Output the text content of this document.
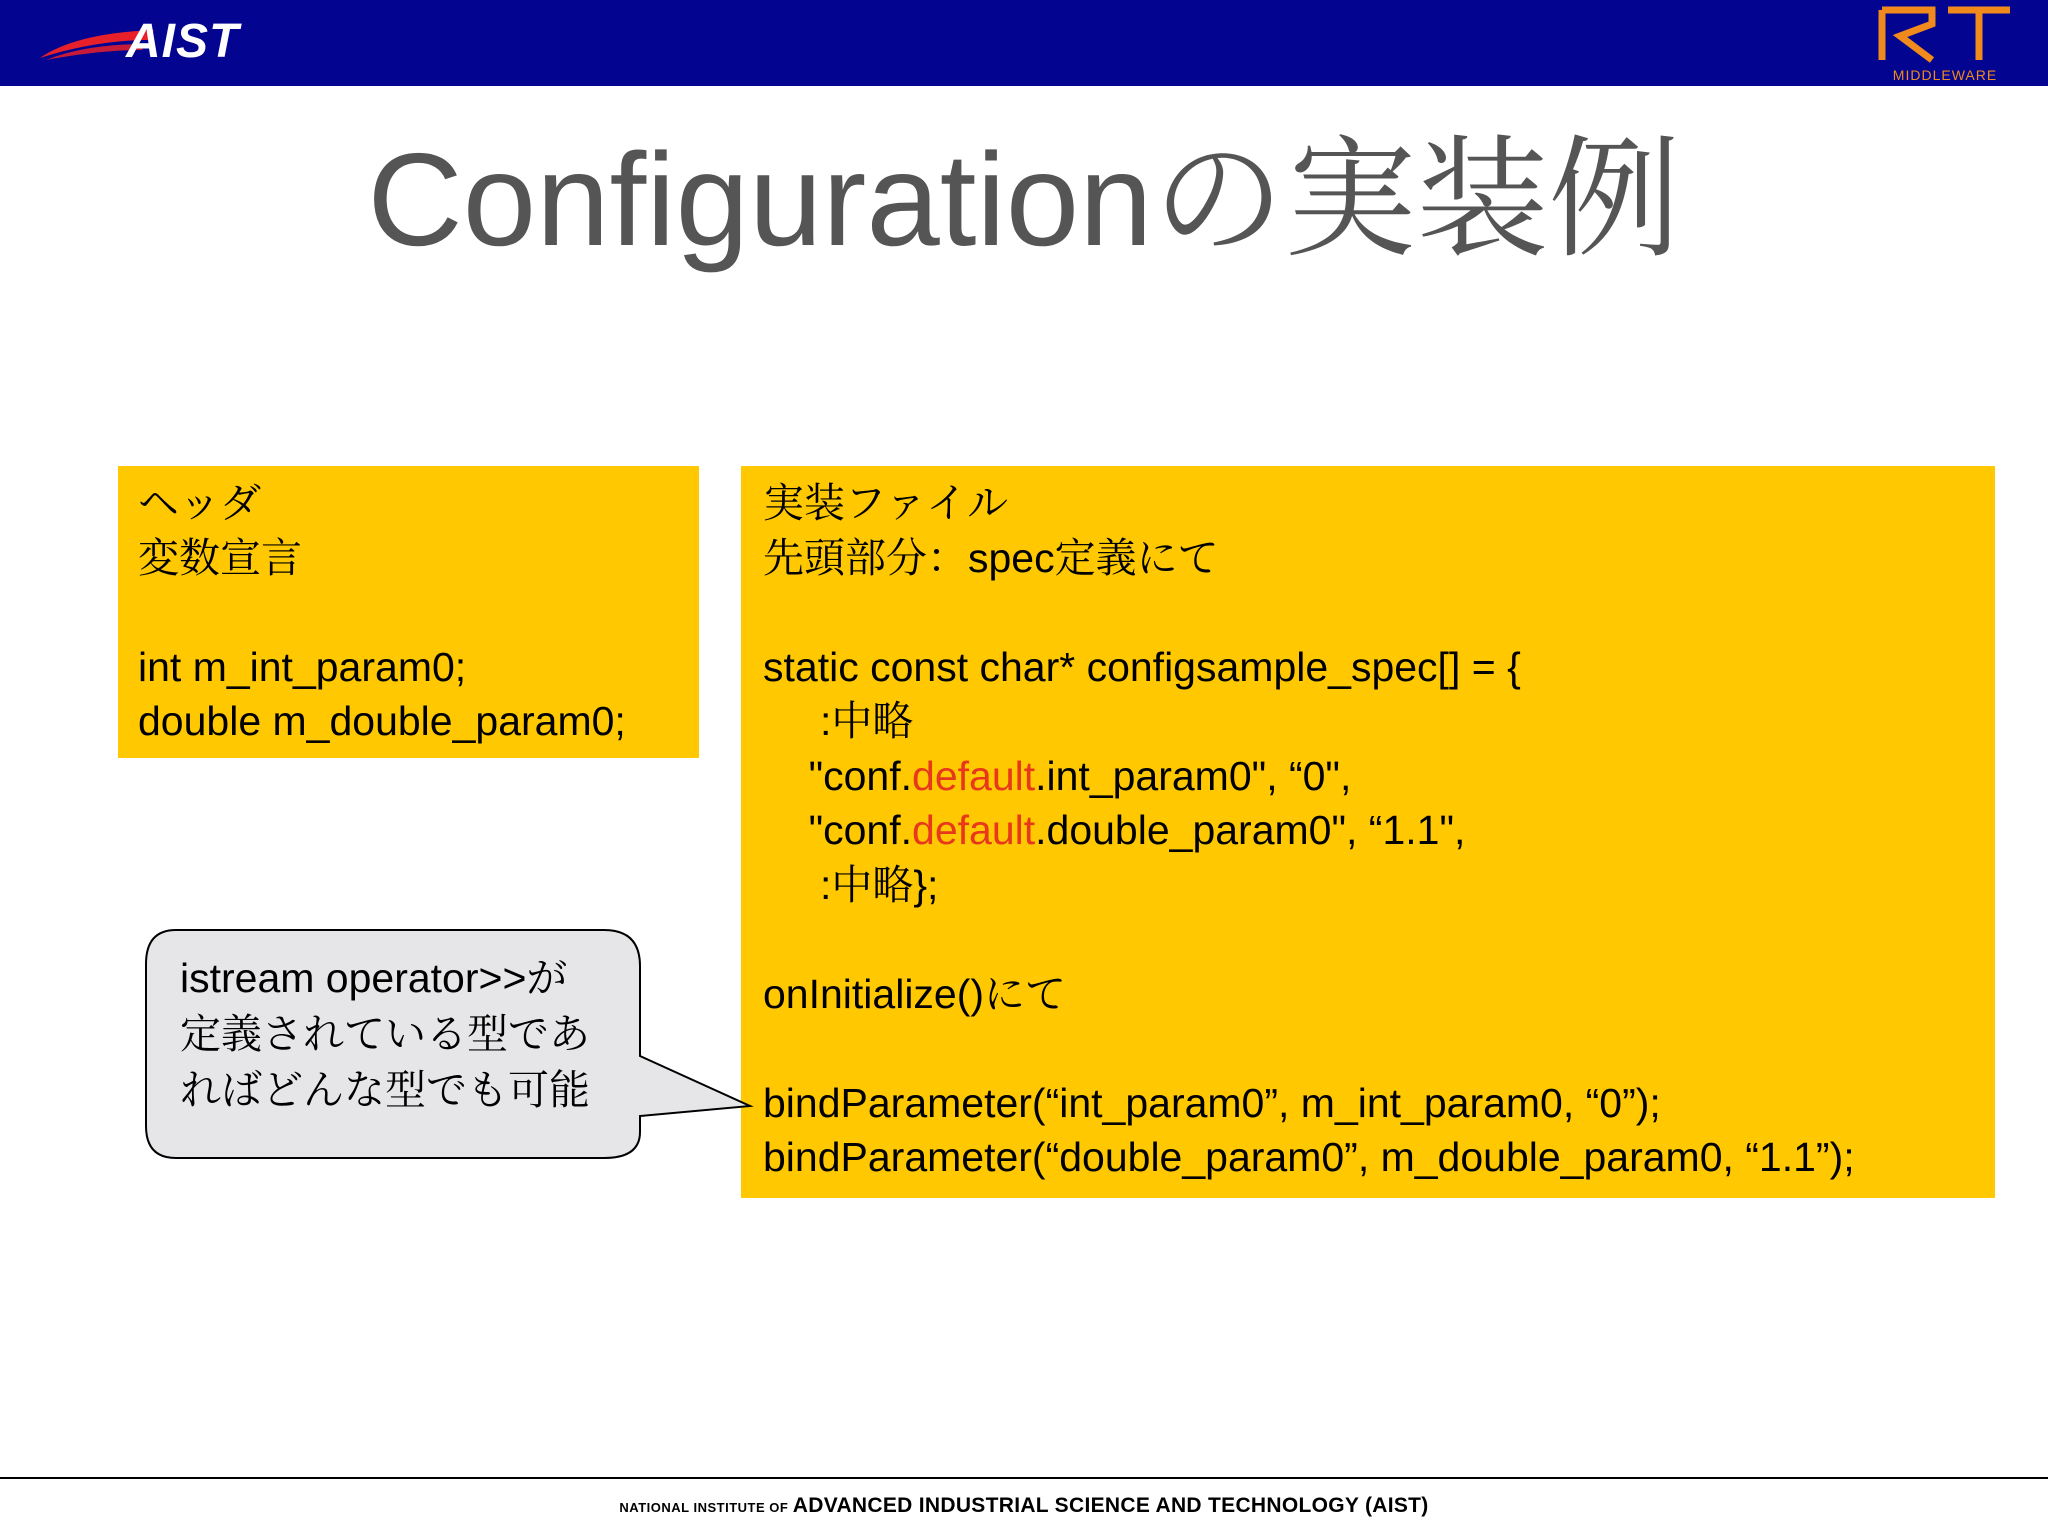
AIST
MIDDLEWARE
Configurationの実装例
ヘッダ
変数宣言
int m_int_param0;
double m_double_param0;
実装ファイル
先頭部分：spec定義にて
static const char* configsample_spec[] = {
:中略
"conf.default.int_param0", “0",
"conf.default.double_param0", “1.1",
:中略};
onInitialize()にて
bindParameter(“int_param0”, m_int_param0, “0”);
bindParameter(“double_param0”, m_double_param0, “1.1”);
istream operator>>が
定義されている型であ
ればどんな型でも可能
NATIONAL INSTITUTE OF ADVANCED INDUSTRIAL SCIENCE AND TECHNOLOGY (AIST)
